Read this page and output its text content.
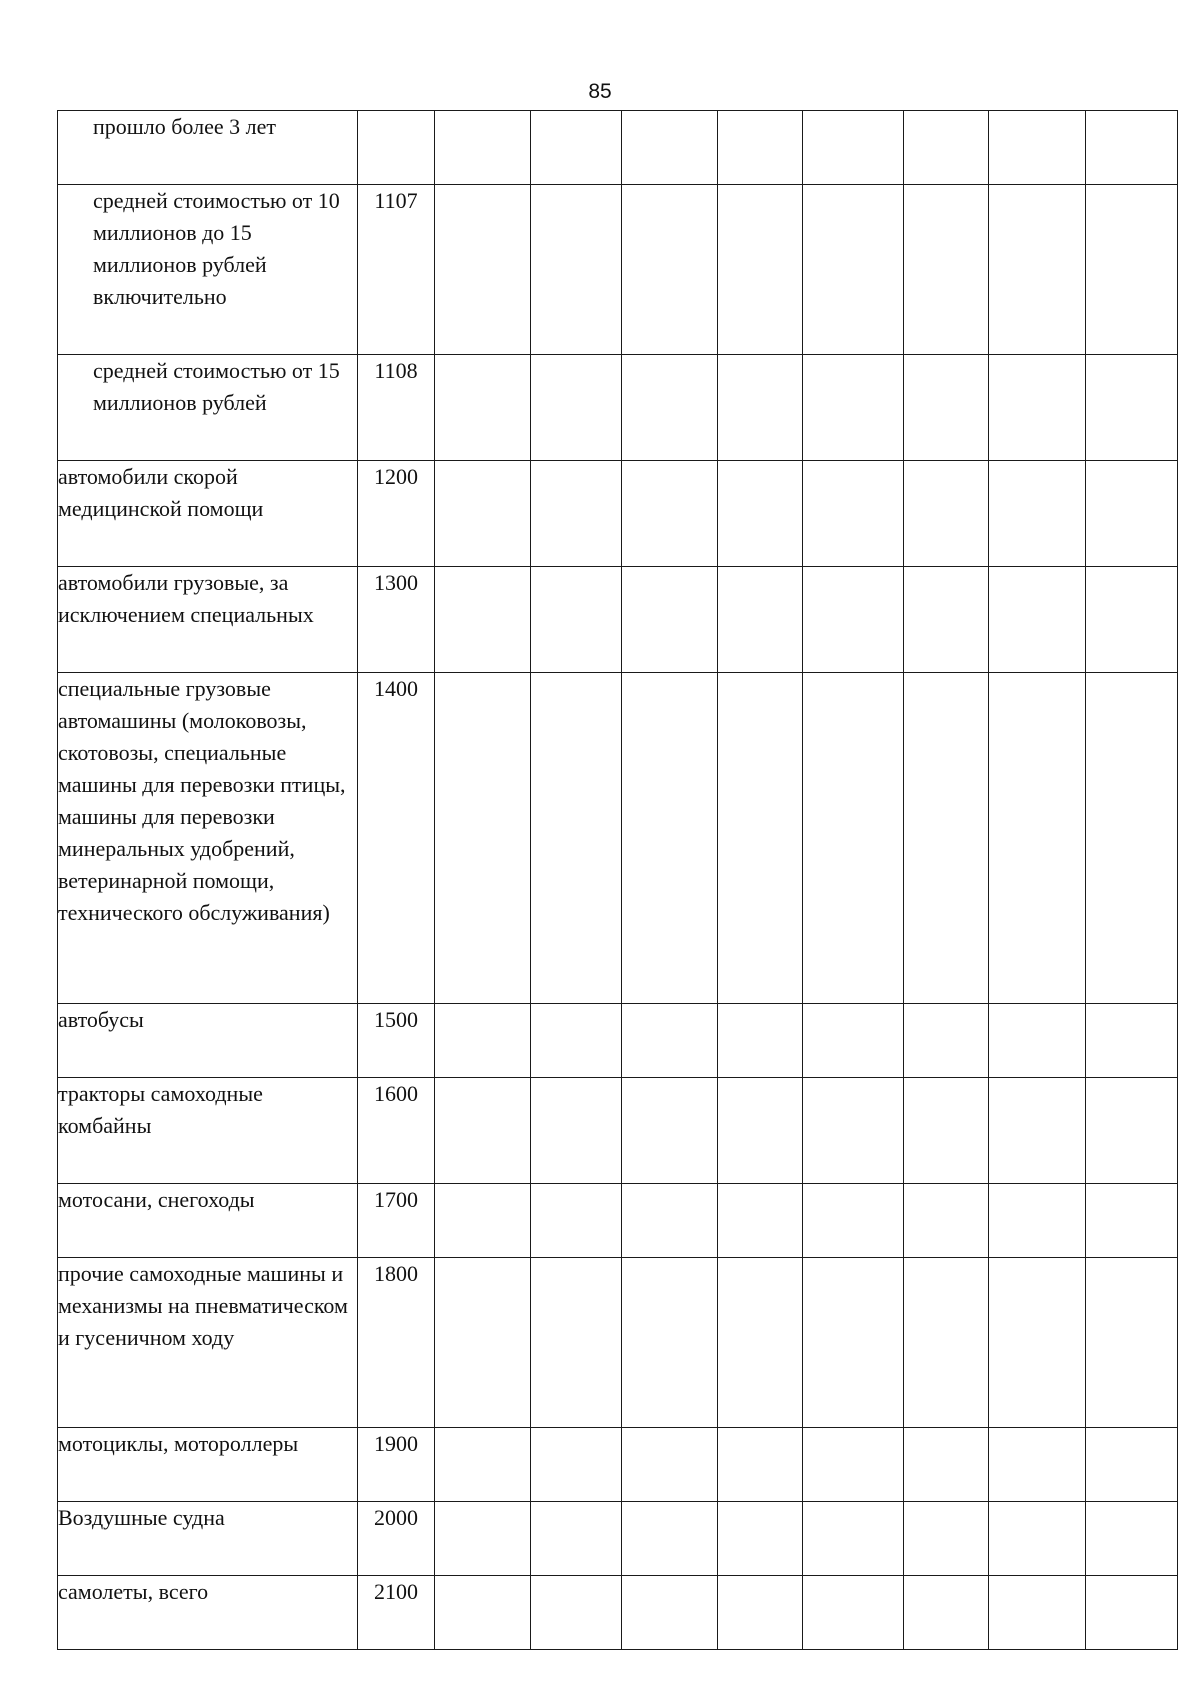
85
прошло более 3 лет									
средней стоимостью от 10 миллионов до 15 миллионов рублей включительно	1107								
средней стоимостью от 15 миллионов рублей	1108								
автомобили скорой медицинской помощи	1200								
автомобили грузовые, за исключением специальных	1300								
специальные грузовые автомашины (молоковозы, скотовозы, специальные машины для перевозки птицы, машины для перевозки минеральных удобрений, ветеринарной помощи, технического обслуживания)	1400								
автобусы	1500								
тракторы самоходные комбайны	1600								
мотосани, снегоходы	1700								
прочие самоходные машины и механизмы на пневматическом и гусеничном ходу	1800								
мотоциклы, мотороллеры	1900								
Воздушные судна	2000								
самолеты, всего	2100								
